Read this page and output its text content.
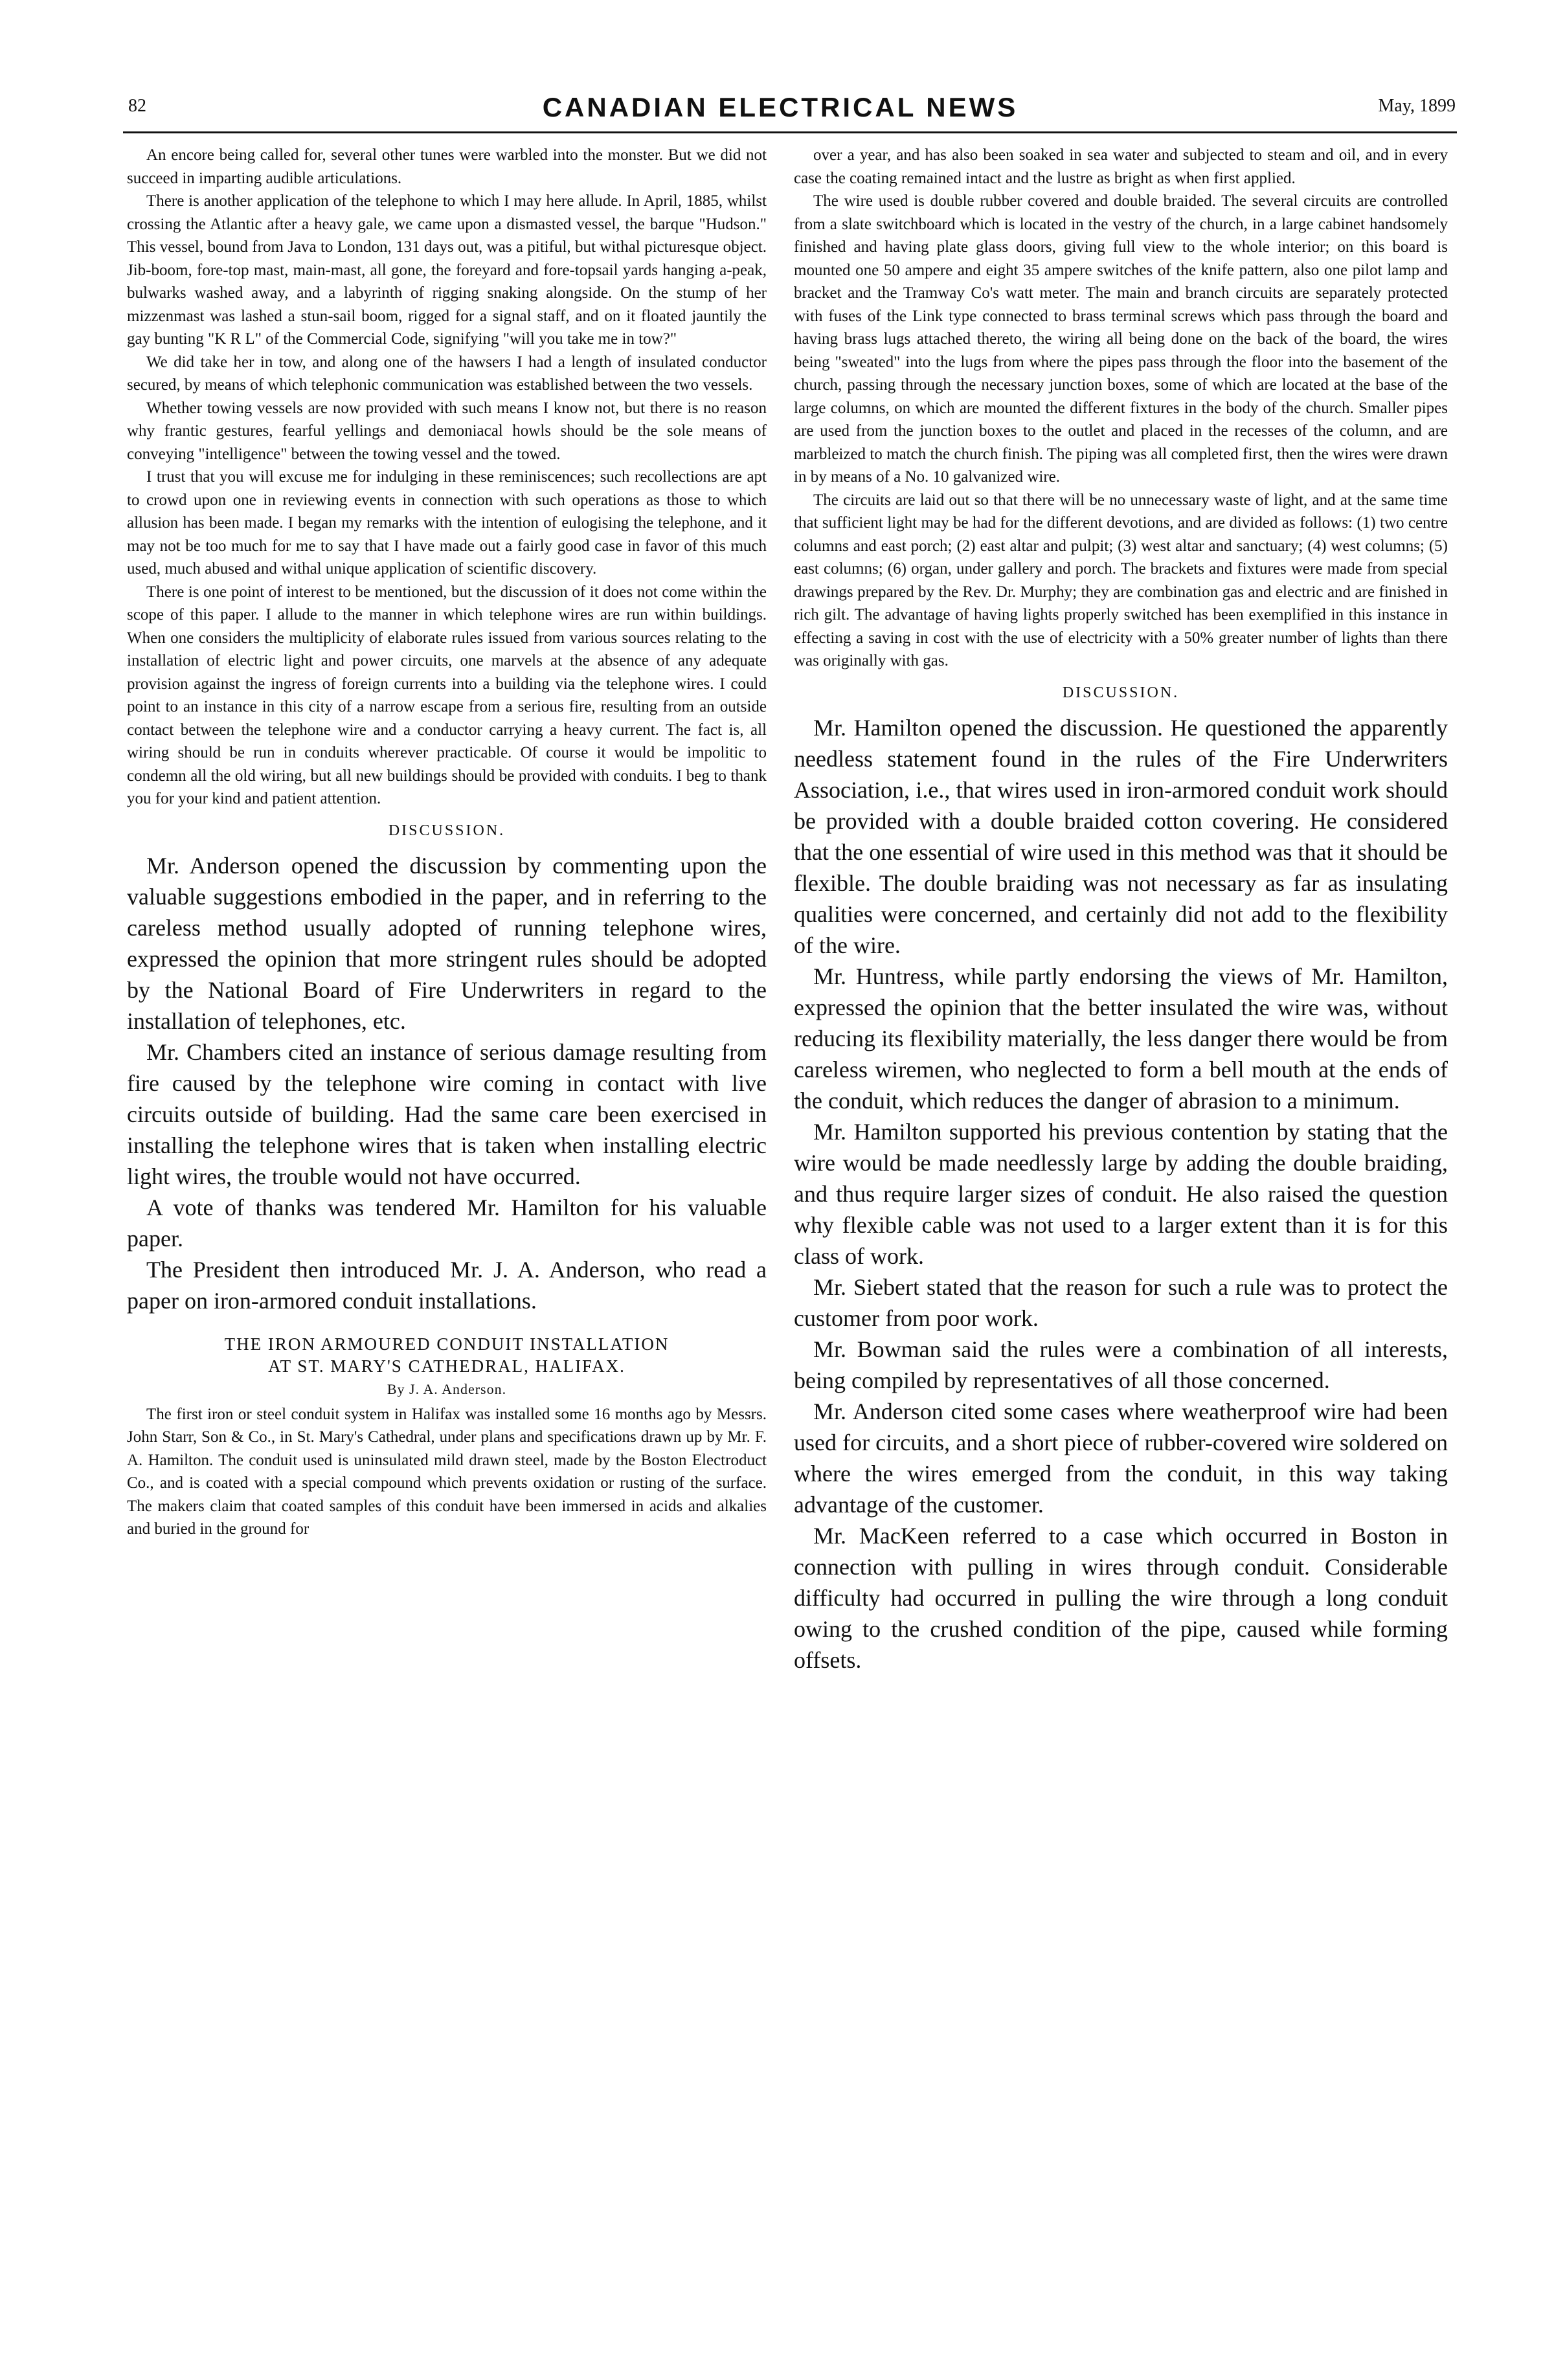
82	CANADIAN ELECTRICAL NEWS	May, 1899

An encore being called for, several other tunes were warbled into the monster. But we did not succeed in imparting audible articulations.

There is another application of the telephone to which I may here allude. In April, 1885, whilst crossing the Atlantic after a heavy gale, we came upon a dismasted vessel, the barque "Hudson." This vessel, bound from Java to London, 131 days out, was a pitiful, but withal picturesque object. Jib-boom, fore-top mast, main-mast, all gone, the foreyard and fore-topsail yards hanging a-peak, bulwarks washed away, and a labyrinth of rigging snaking alongside. On the stump of her mizzenmast was lashed a stun-sail boom, rigged for a signal staff, and on it floated jauntily the gay bunting "K R L" of the Commercial Code, signifying "will you take me in tow?"

We did take her in tow, and along one of the hawsers I had a length of insulated conductor secured, by means of which telephonic communication was established between the two vessels.

Whether towing vessels are now provided with such means I know not, but there is no reason why frantic gestures, fearful yellings and demoniacal howls should be the sole means of conveying "intelligence" between the towing vessel and the towed.

I trust that you will excuse me for indulging in these reminiscences; such recollections are apt to crowd upon one in reviewing events in connection with such operations as those to which allusion has been made. I began my remarks with the intention of eulogising the telephone, and it may not be too much for me to say that I have made out a fairly good case in favor of this much used, much abused and withal unique application of scientific discovery.

There is one point of interest to be mentioned, but the discussion of it does not come within the scope of this paper. I allude to the manner in which telephone wires are run within buildings. When one considers the multiplicity of elaborate rules issued from various sources relating to the installation of electric light and power circuits, one marvels at the absence of any adequate provision against the ingress of foreign currents into a building via the telephone wires. I could point to an instance in this city of a narrow escape from a serious fire, resulting from an outside contact between the telephone wire and a conductor carrying a heavy current. The fact is, all wiring should be run in conduits wherever practicable. Of course it would be impolitic to condemn all the old wiring, but all new buildings should be provided with conduits. I beg to thank you for your kind and patient attention.

DISCUSSION.

Mr. Anderson opened the discussion by commenting upon the valuable suggestions embodied in the paper, and in referring to the careless method usually adopted of running telephone wires, expressed the opinion that more stringent rules should be adopted by the National Board of Fire Underwriters in regard to the installation of telephones, etc.

Mr. Chambers cited an instance of serious damage resulting from fire caused by the telephone wire coming in contact with live circuits outside of building. Had the same care been exercised in installing the telephone wires that is taken when installing electric light wires, the trouble would not have occurred.

A vote of thanks was tendered Mr. Hamilton for his valuable paper.

The President then introduced Mr. J. A. Anderson, who read a paper on iron-armored conduit installations.

THE IRON ARMOURED CONDUIT INSTALLATION
AT ST. MARY'S CATHEDRAL, HALIFAX.

By J. A. Anderson.

The first iron or steel conduit system in Halifax was installed some 16 months ago by Messrs. John Starr, Son & Co., in St. Mary's Cathedral, under plans and specifications drawn up by Mr. F. A. Hamilton. The conduit used is uninsulated mild drawn steel, made by the Boston Electroduct Co., and is coated with a special compound which prevents oxidation or rusting of the surface. The makers claim that coated samples of this conduit have been immersed in acids and alkalies and buried in the ground for

over a year, and has also been soaked in sea water and subjected to steam and oil, and in every case the coating remained intact and the lustre as bright as when first applied.

The wire used is double rubber covered and double braided. The several circuits are controlled from a slate switchboard which is located in the vestry of the church, in a large cabinet handsomely finished and having plate glass doors, giving full view to the whole interior; on this board is mounted one 50 ampere and eight 35 ampere switches of the knife pattern, also one pilot lamp and bracket and the Tramway Co's watt meter. The main and branch circuits are separately protected with fuses of the Link type connected to brass terminal screws which pass through the board and having brass lugs attached thereto, the wiring all being done on the back of the board, the wires being "sweated" into the lugs from where the pipes pass through the floor into the basement of the church, passing through the necessary junction boxes, some of which are located at the base of the large columns, on which are mounted the different fixtures in the body of the church. Smaller pipes are used from the junction boxes to the outlet and placed in the recesses of the column, and are marbleized to match the church finish. The piping was all completed first, then the wires were drawn in by means of a No. 10 galvanized wire.

The circuits are laid out so that there will be no unnecessary waste of light, and at the same time that sufficient light may be had for the different devotions, and are divided as follows: (1) two centre columns and east porch; (2) east altar and pulpit; (3) west altar and sanctuary; (4) west columns; (5) east columns; (6) organ, under gallery and porch. The brackets and fixtures were made from special drawings prepared by the Rev. Dr. Murphy; they are combination gas and electric and are finished in rich gilt. The advantage of having lights properly switched has been exemplified in this instance in effecting a saving in cost with the use of electricity with a 50% greater number of lights than there was originally with gas.

DISCUSSION.

Mr. Hamilton opened the discussion. He questioned the apparently needless statement found in the rules of the Fire Underwriters Association, i.e., that wires used in iron-armored conduit work should be provided with a double braided cotton covering. He considered that the one essential of wire used in this method was that it should be flexible. The double braiding was not necessary as far as insulating qualities were concerned, and certainly did not add to the flexibility of the wire.

Mr. Huntress, while partly endorsing the views of Mr. Hamilton, expressed the opinion that the better insulated the wire was, without reducing its flexibility materially, the less danger there would be from careless wiremen, who neglected to form a bell mouth at the ends of the conduit, which reduces the danger of abrasion to a minimum.

Mr. Hamilton supported his previous contention by stating that the wire would be made needlessly large by adding the double braiding, and thus require larger sizes of conduit. He also raised the question why flexible cable was not used to a larger extent than it is for this class of work.

Mr. Siebert stated that the reason for such a rule was to protect the customer from poor work.

Mr. Bowman said the rules were a combination of all interests, being compiled by representatives of all those concerned.

Mr. Anderson cited some cases where weatherproof wire had been used for circuits, and a short piece of rubber-covered wire soldered on where the wires emerged from the conduit, in this way taking advantage of the customer.

Mr. MacKeen referred to a case which occurred in Boston in connection with pulling in wires through conduit. Considerable difficulty had occurred in pulling the wire through a long conduit owing to the crushed condition of the pipe, caused while forming offsets.
